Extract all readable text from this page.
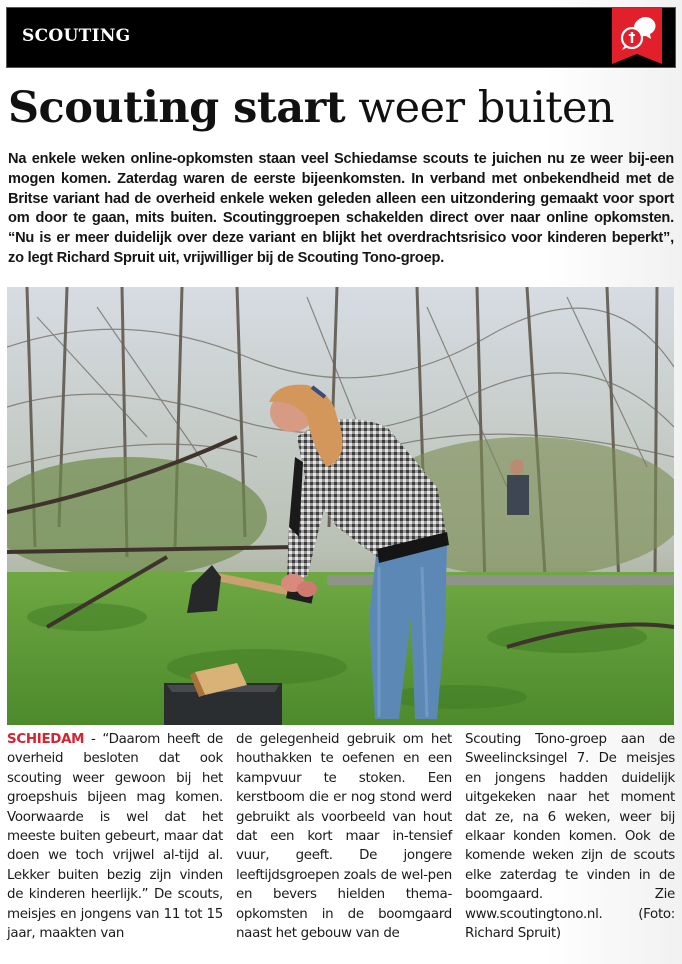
SCOUTING
Scouting start weer buiten

Na enkele weken online-opkomsten staan veel Schiedamse scouts te juichen nu ze weer bij-een mogen komen. Zaterdag waren de eerste bijeenkomsten. In verband met onbekendheid met de Britse variant had de overheid enkele weken geleden alleen een uitzondering gemaakt voor sport om door te gaan, mits buiten. Scoutinggroepen schakelden direct over naar online opkomsten. “Nu is er meer duidelijk over deze variant en blijkt het overdrachtsrisico voor kinderen beperkt”, zo legt Richard Spruit uit, vrijwilliger bij de Scouting Tono-groep.

SCHIEDAM - “Daarom heeft de overheid besloten dat ook scouting weer gewoon bij het groepshuis bijeen mag komen. Voorwaarde is wel dat het meeste buiten gebeurt, maar dat doen we toch vrijwel al-tijd al. Lekker buiten bezig zijn vinden de kinderen heerlijk.” De scouts, meisjes en jongens van 11 tot 15 jaar, maakten van

de gelegenheid gebruik om het houthakken te oefenen en een kampvuur te stoken. Een kerstboom die er nog stond werd gebruikt als voorbeeld van hout dat een kort maar in-tensief vuur, geeft. De jongere leeftijdsgroepen zoals de wel-pen en bevers hielden thema-opkomsten in de boomgaard naast het gebouw van de

Scouting Tono-groep aan de Sweelincksingel 7. De meisjes en jongens hadden duidelijk uitgekeken naar het moment dat ze, na 6 weken, weer bij elkaar konden komen. Ook de komende weken zijn de scouts elke zaterdag te vinden in de boomgaard. Zie www.scoutingtono.nl. (Foto: Richard Spruit)
